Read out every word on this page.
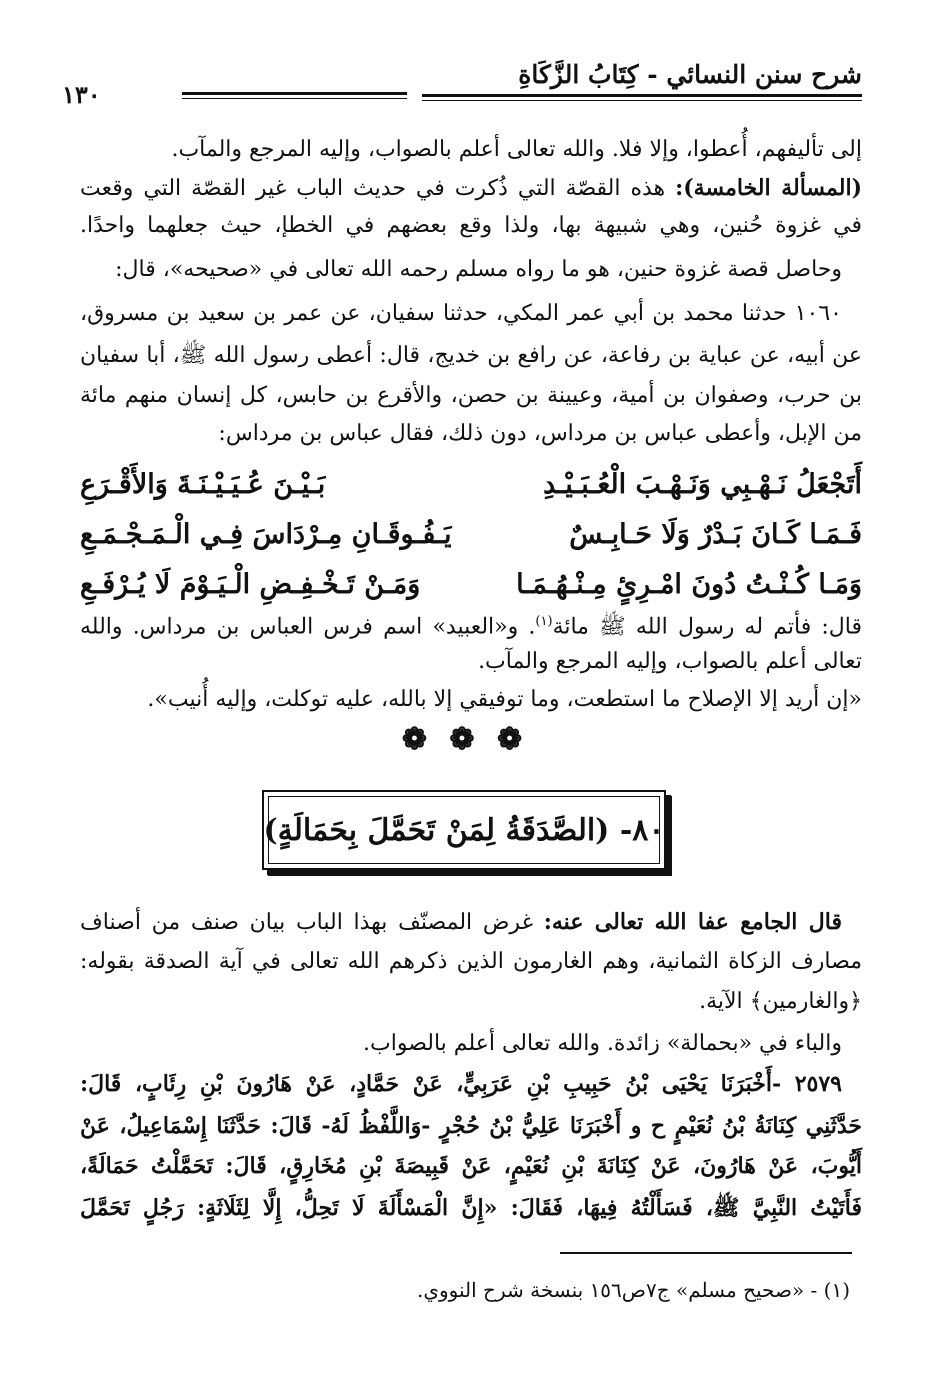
شرح سنن النسائي - كِتَابُ الزَّكَاةِ
١٣٠
إلى تأليفهم، أُعطوا، وإلا فلا. والله تعالى أعلم بالصواب، وإليه المرجع والمآب.
(المسألة الخامسة): هذه القصّة التي ذُكرت في حديث الباب غير القصّة التي وقعت
في غزوة حُنين، وهي شبيهة بها، ولذا وقع بعضهم في الخطإ، حيث جعلهما واحدًا.
وحاصل قصة غزوة حنين، هو ما رواه مسلم رحمه الله تعالى في «صحيحه»، قال:
١٠٦٠ حدثنا محمد بن أبي عمر المكي، حدثنا سفيان، عن عمر بن سعيد بن مسروق،
عن أبيه، عن عباية بن رفاعة، عن رافع بن خديج، قال: أعطى رسول الله ﷺ، أبا سفيان
بن حرب، وصفوان بن أمية، وعيينة بن حصن، والأقرع بن حابس، كل إنسان منهم مائة
من الإبل، وأعطى عباس بن مرداس، دون ذلك، فقال عباس بن مرداس:
أَتَجْعَلُ نَـهْـبِي وَنَـهْـبَ الْعُـبَـيْـدِ
بَـيْـنَ عُـيَـيْـنَـةَ وَالأَقْـرَعِ
فَـمَـا كَـانَ بَـدْرٌ وَلَا حَـابِـسٌ
يَـفُـوقَـانِ مِـرْدَاسَ فِـي الْـمَـجْـمَـعِ
وَمَـا كُـنْـتُ دُونَ امْـرِئٍ مِـنْـهُـمَـا
وَمَـنْ تَـخْـفِـضِ الْـيَـوْمَ لَا يُـرْفَـعِ
قال: فأتم له رسول الله ﷺ مائة$^{(١)}$. و«العبيد» اسم فرس العباس بن مرداس. والله
تعالى أعلم بالصواب، وإليه المرجع والمآب.
«إن أريد إلا الإصلاح ما استطعت، وما توفيقي إلا بالله، عليه توكلت، وإليه أُنيب».
❁ ❁ ❁
٨٠- (الصَّدَقَةُ لِمَنْ تَحَمَّلَ بِحَمَالَةٍ)
قال الجامع عفا الله تعالى عنه: غرض المصنّف بهذا الباب بيان صنف من أصناف
مصارف الزكاة الثمانية، وهم الغارمون الذين ذكرهم الله تعالى في آية الصدقة بقوله:
﴿والغارمين﴾ الآية.
والباء في «بحمالة» زائدة. والله تعالى أعلم بالصواب.
٢٥٧٩ -أَخْبَرَنَا يَحْيَى بْنُ حَبِيبِ بْنِ عَرَبِيٍّ، عَنْ حَمَّادٍ، عَنْ هَارُونَ بْنِ رِئَابٍ، قَالَ:
حَدَّثَنِي كِنَانَةُ بْنُ نُعَيْمٍ ح و أَخْبَرَنَا عَلِيُّ بْنُ حُجْرٍ -وَاللَّفْظُ لَهُ- قَالَ: حَدَّثَنَا إِسْمَاعِيلُ، عَنْ
أَيُّوبَ، عَنْ هَارُونَ، عَنْ كِنَانَةَ بْنِ نُعَيْمٍ، عَنْ قَبِيصَةَ بْنِ مُخَارِقٍ، قَالَ: تَحَمَّلْتُ حَمَالَةً،
فَأَتَيْتُ النَّبِيَّ ﷺ، فَسَأَلْتُهُ فِيهَا، فَقَالَ: «إِنَّ الْمَسْأَلَةَ لَا تَحِلُّ، إِلَّا لِثَلَاثَةٍ: رَجُلٍ تَحَمَّلَ
(١) - «صحيح مسلم» ج٧ص١٥٦ بنسخة شرح النووي.
